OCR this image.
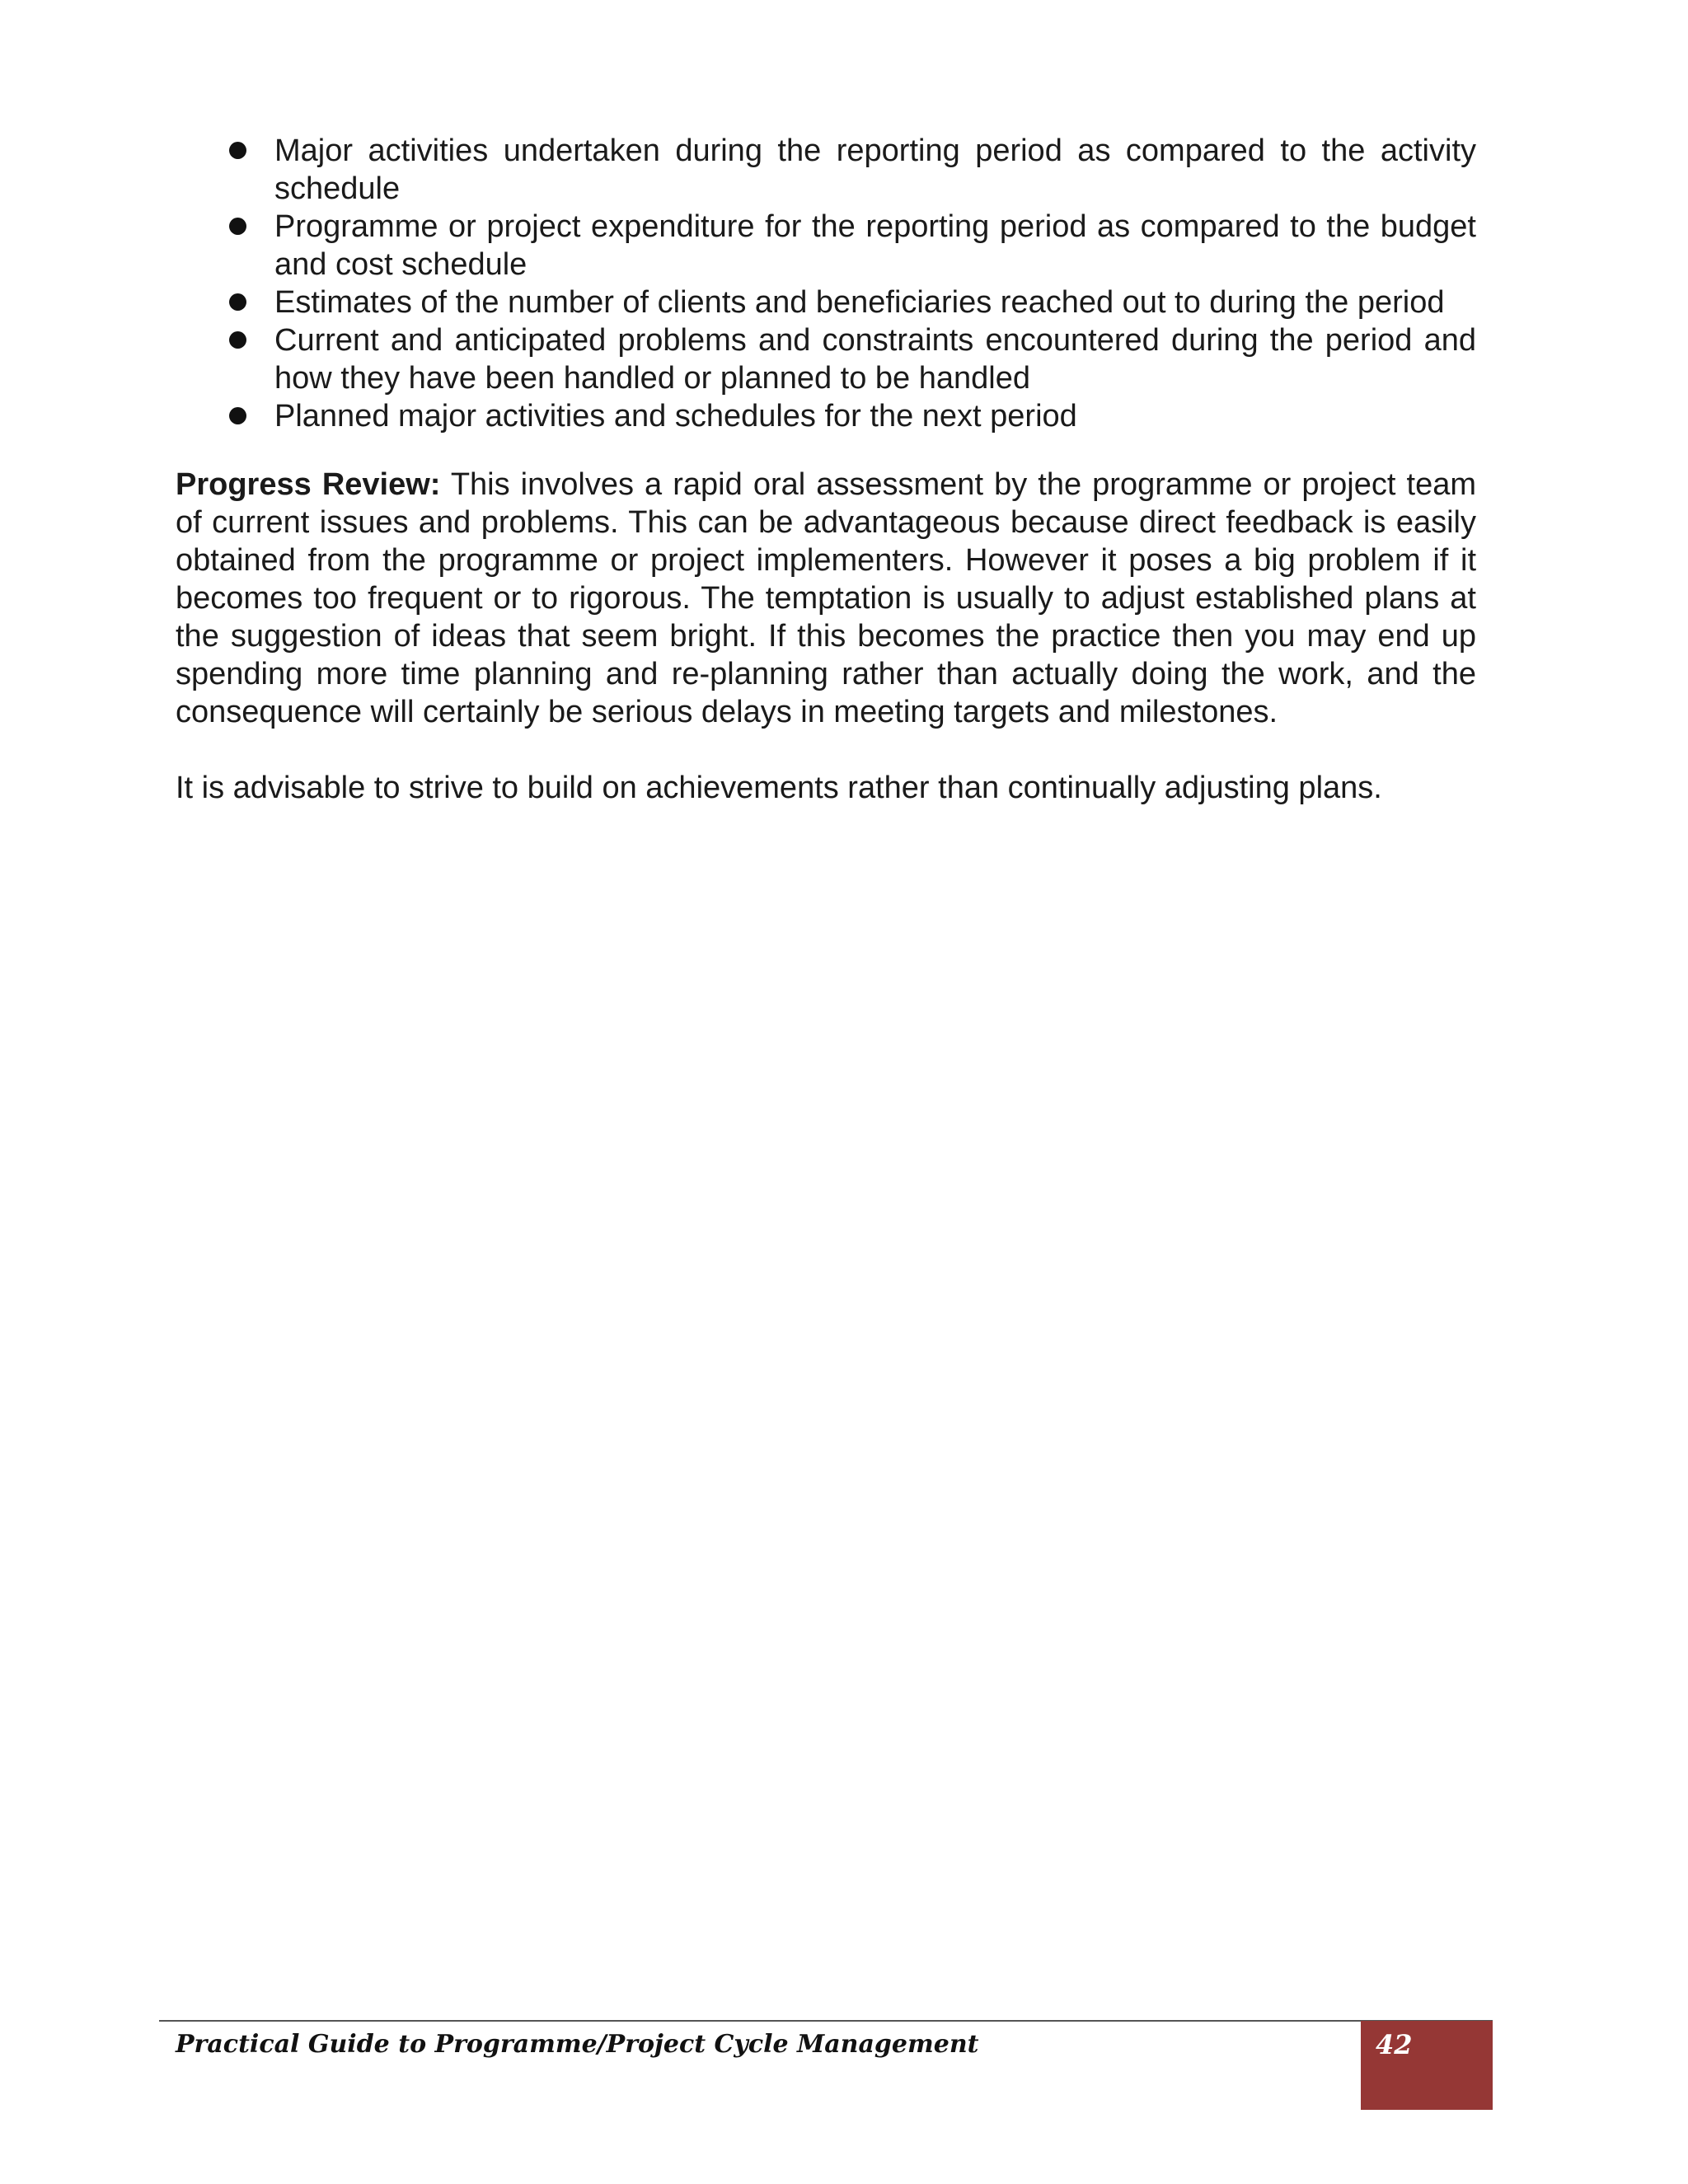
Major activities undertaken during the reporting period as compared to the activity schedule
Programme or project expenditure for the reporting period as compared to the budget and cost schedule
Estimates of the number of clients and beneficiaries reached out to during the period
Current and anticipated problems and constraints encountered during the period and how they have been handled or planned to be handled
Planned major activities and schedules for the next period

Progress Review: This involves a rapid oral assessment by the programme or project team of current issues and problems. This can be advantageous because direct feedback is easily obtained from the programme or project implementers. However it poses a big problem if it becomes too frequent or to rigorous. The temptation is usually to adjust established plans at the suggestion of ideas that seem bright. If this becomes the practice then you may end up spending more time planning and re-planning rather than actually doing the work, and the consequence will certainly be serious delays in meeting targets and milestones.

It is advisable to strive to build on achievements rather than continually adjusting plans.

Practical Guide to Programme/Project Cycle Management	42
